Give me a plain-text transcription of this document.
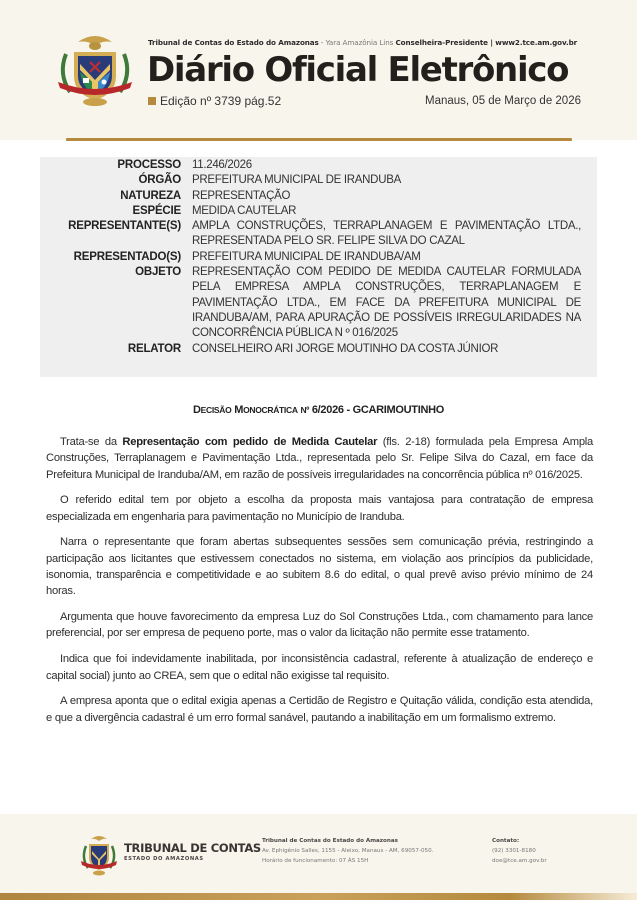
Tribunal de Contas do Estado do Amazonas - Yara Amazônia Lins Conselheira-Presidente | www2.tce.am.gov.br
Diário Oficial Eletrônico
Edição nº 3739 pág.52	Manaus, 05 de Março de 2026
PROCESSO 11.246/2026
ÓRGÃO PREFEITURA MUNICIPAL DE IRANDUBA
NATUREZA REPRESENTAÇÃO
ESPÉCIE MEDIDA CAUTELAR
REPRESENTANTE(S) AMPLA CONSTRUÇÕES, TERRAPLANAGEM E PAVIMENTAÇÃO LTDA., REPRESENTADA PELO SR. FELIPE SILVA DO CAZAL
REPRESENTADO(S) PREFEITURA MUNICIPAL DE IRANDUBA/AM
OBJETO REPRESENTAÇÃO COM PEDIDO DE MEDIDA CAUTELAR FORMULADA PELA EMPRESA AMPLA CONSTRUÇÕES, TERRAPLANAGEM E PAVIMENTAÇÃO LTDA., EM FACE DA PREFEITURA MUNICIPAL DE IRANDUBA/AM, PARA APURAÇÃO DE POSSÍVEIS IRREGULARIDADES NA CONCORRÊNCIA PÚBLICA N º 016/2025
RELATOR CONSELHEIRO ARI JORGE MOUTINHO DA COSTA JÚNIOR
DECISÃO MONOCRÁTICA Nº 6/2026 - GCARIMOUTINHO

Trata-se da Representação com pedido de Medida Cautelar (fls. 2-18) formulada pela Empresa Ampla Construções, Terraplanagem e Pavimentação Ltda., representada pelo Sr. Felipe Silva do Cazal, em face da Prefeitura Municipal de Iranduba/AM, em razão de possíveis irregularidades na concorrência pública nº 016/2025.

O referido edital tem por objeto a escolha da proposta mais vantajosa para contratação de empresa especializada em engenharia para pavimentação no Município de Iranduba.

Narra o representante que foram abertas subsequentes sessões sem comunicação prévia, restringindo a participação aos licitantes que estivessem conectados no sistema, em violação aos princípios da publicidade, isonomia, transparência e competitividade e ao subitem 8.6 do edital, o qual prevê aviso prévio mínimo de 24 horas.

Argumenta que houve favorecimento da empresa Luz do Sol Construções Ltda., com chamamento para lance preferencial, por ser empresa de pequeno porte, mas o valor da licitação não permite esse tratamento.

Indica que foi indevidamente inabilitada, por inconsistência cadastral, referente à atualização de endereço e capital social) junto ao CREA, sem que o edital não exigisse tal requisito.

A empresa aponta que o edital exigia apenas a Certidão de Registro e Quitação válida, condição esta atendida, e que a divergência cadastral é um erro formal sanável, pautando a inabilitação em um formalismo extremo.

TRIBUNAL DE CONTAS
ESTADO DO AMAZONAS
Tribunal de Contas do Estado do Amazonas
Av. Ephigênio Salles, 1155 - Aleixo, Manaus - AM, 69057-050.
Horário de funcionamento: 07 ÀS 15H
Contato:
(92) 3301-8180
doe@tce.am.gov.br
